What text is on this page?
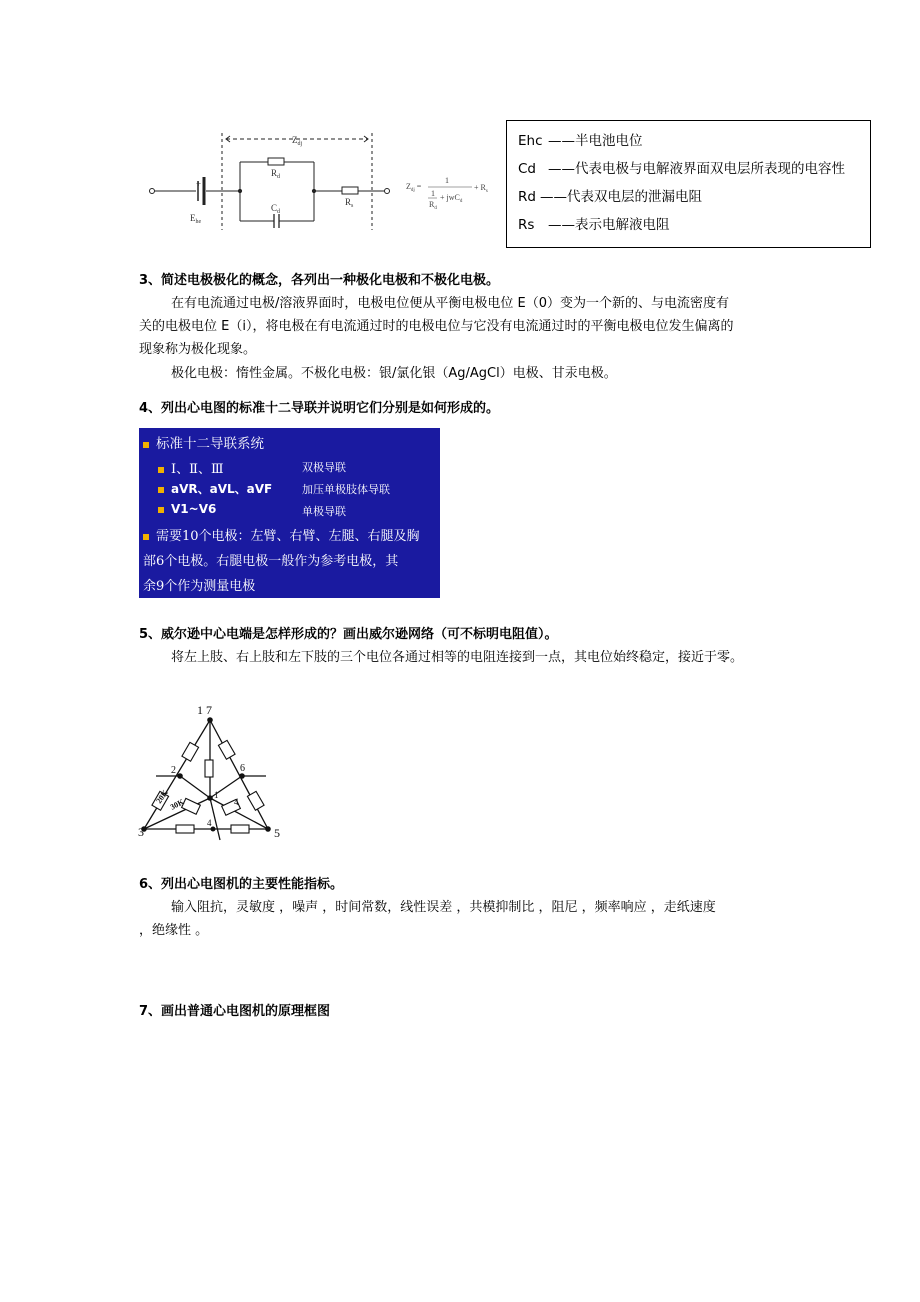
+
$Z_{dj}$
$R_d$
$C_d$
$R_s$
$E_{he}$
$Z_{dj}$ =
1
1
$R_d$
+ jwC$_d$
+ $R_s$
Ehc ——半电池电位
Cd ——代表电极与电解液界面双电层所表现的电容性
Rd ——代表双电层的泄漏电阻
Rs ——表示电解液电阻
3、简述电极极化的概念，各列出一种极化电极和不极化电极。
在有电流通过电极/溶液界面时，电极电位便从平衡电极电位 E（0）变为一个新的、与电流密度有
关的电极电位 E（i），将电极在有电流通过时的电极电位与它没有电流通过时的平衡电极电位发生偏离的
现象称为极化现象。
极化电极：惰性金属。不极化电极：银/氯化银（Ag/AgCl）电极、甘汞电极。
4、列出心电图的标准十二导联并说明它们分别是如何形成的。
标准十二导联系统
Ⅰ、Ⅱ、Ⅲ	双极导联
aVR、aVL、aVF	加压单极肢体导联
V1~V6	单极导联
需要10个电极：左臂、右臂、左腿、右腿及胸
部6个电极。右腿电极一般作为参考电极，其
余9个作为测量电极
5、威尔逊中心电端是怎样形成的？画出威尔逊网络（可不标明电阻值）。
将左上肢、右上肢和左下肢的三个电位各通过相等的电阻连接到一点，其电位始终稳定，接近于零。
1 7
2	6
1
4
4
3	5
20K
30K
6、列出心电图机的主要性能指标。
输入阻抗，灵敏度 ，噪声 ，时间常数，线性误差 ，共模抑制比 ，阻尼 ，频率响应 ，走纸速度
，绝缘性 。
7、画出普通心电图机的原理框图
